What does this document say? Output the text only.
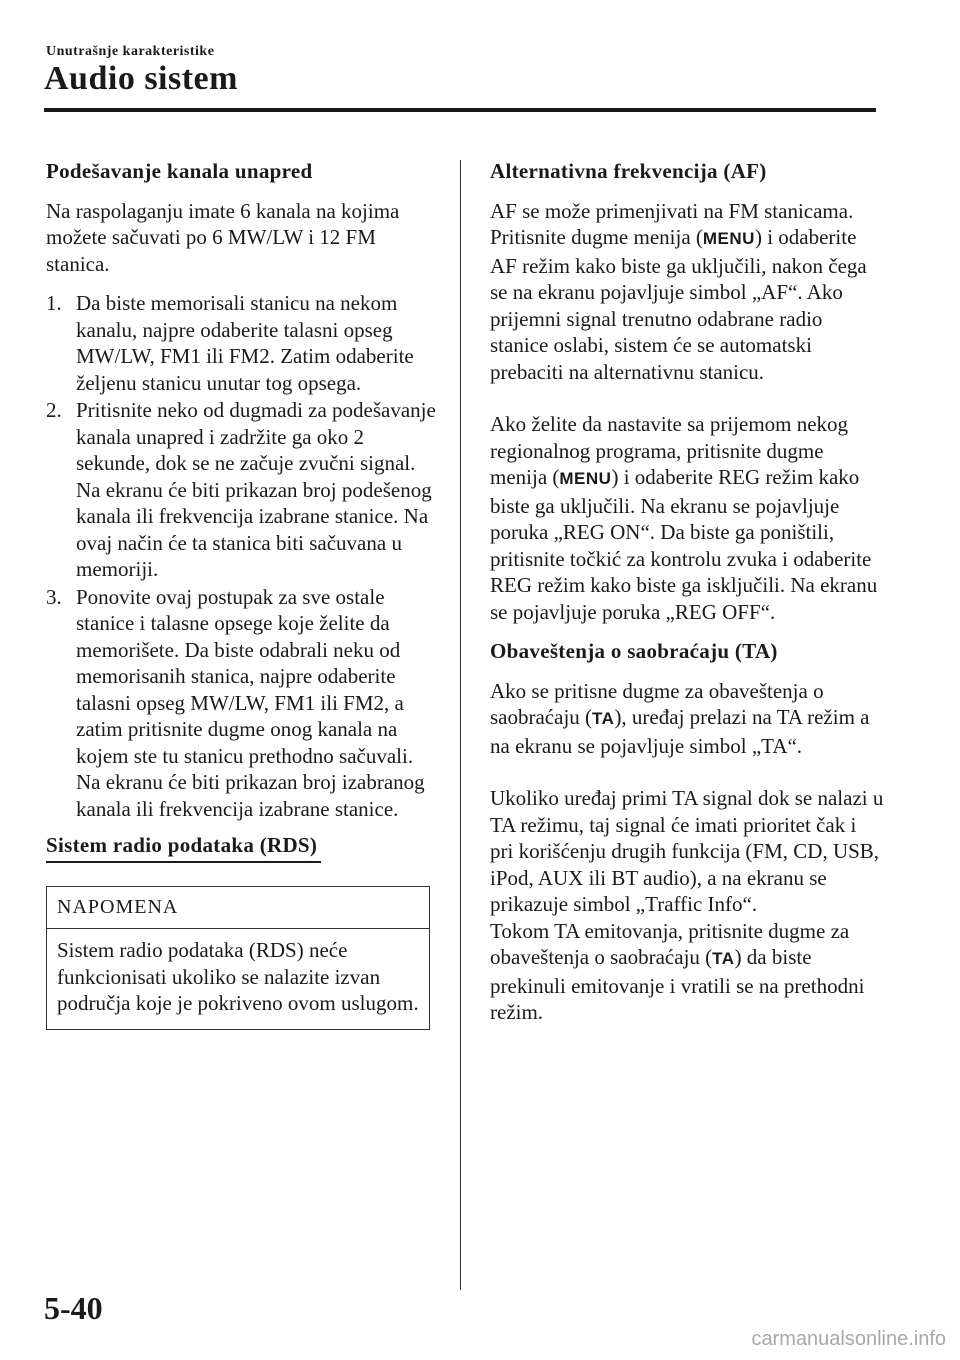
Unutrašnje karakteristike
Audio sistem
Podešavanje kanala unapred

Na raspolaganju imate 6 kanala na kojima možete sačuvati po 6 MW/LW i 12 FM stanica.

1. Da biste memorisali stanicu na nekom kanalu, najpre odaberite talasni opseg MW/LW, FM1 ili FM2. Zatim odaberite željenu stanicu unutar tog opsega.
2. Pritisnite neko od dugmadi za podešavanje kanala unapred i zadržite ga oko 2 sekunde, dok se ne začuje zvučni signal. Na ekranu će biti prikazan broj podešenog kanala ili frekvencija izabrane stanice. Na ovaj način će ta stanica biti sačuvana u memoriji.
3. Ponovite ovaj postupak za sve ostale stanice i talasne opsege koje želite da memorišete. Da biste odabrali neku od memorisanih stanica, najpre odaberite talasni opseg MW/LW, FM1 ili FM2, a zatim pritisnite dugme onog kanala na kojem ste tu stanicu prethodno sačuvali. Na ekranu će biti prikazan broj izabranog kanala ili frekvencija izabrane stanice.
Sistem radio podataka (RDS)
NAPOMENA
Sistem radio podataka (RDS) neće funkcionisati ukoliko se nalazite izvan područja koje je pokriveno ovom uslugom.
Alternativna frekvencija (AF)

AF se može primenjivati na FM stanicama. Pritisnite dugme menija (MENU) i odaberite AF režim kako biste ga uključili, nakon čega se na ekranu pojavljuje simbol „AF“. Ako prijemni signal trenutno odabrane radio stanice oslabi, sistem će se automatski prebaciti na alternativnu stanicu.

Ako želite da nastavite sa prijemom nekog regionalnog programa, pritisnite dugme menija (MENU) i odaberite REG režim kako biste ga uključili. Na ekranu se pojavljuje poruka „REG ON“. Da biste ga poništili, pritisnite točkić za kontrolu zvuka i odaberite REG režim kako biste ga isključili. Na ekranu se pojavljuje poruka „REG OFF“.

Obaveštenja o saobraćaju (TA)

Ako se pritisne dugme za obaveštenja o saobraćaju (TA), uređaj prelazi na TA režim a na ekranu se pojavljuje simbol „TA“.

Ukoliko uređaj primi TA signal dok se nalazi u TA režimu, taj signal će imati prioritet čak i pri korišćenju drugih funkcija (FM, CD, USB, iPod, AUX ili BT audio), a na ekranu se prikazuje simbol „Traffic Info“.

Tokom TA emitovanja, pritisnite dugme za obaveštenja o saobraćaju (TA) da biste prekinuli emitovanje i vratili se na prethodni režim.

5-40
carmanualsonline.info
